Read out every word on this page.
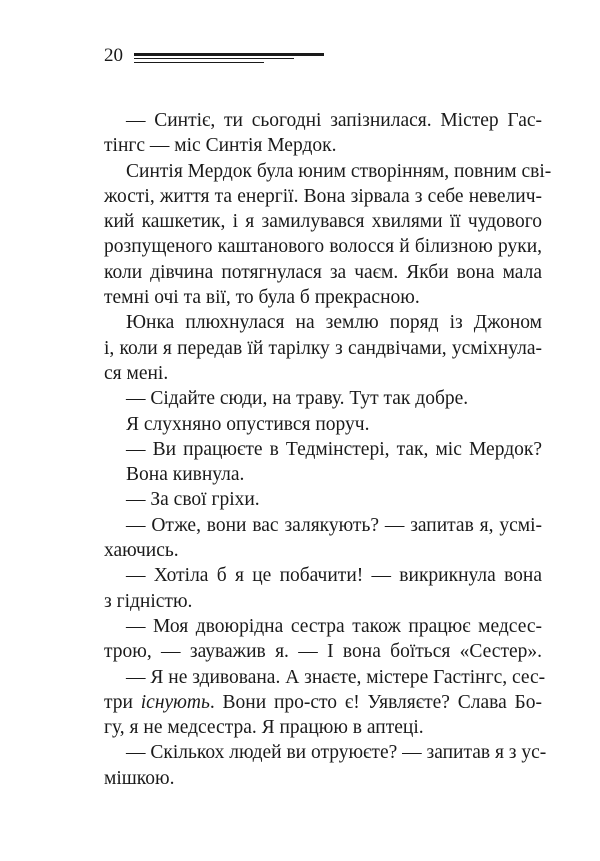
20
— Синтіє, ти сьогодні запізнилася. Містер Гас-
тінгс — міс Синтія Мердок.
Синтія Мердок була юним створінням, повним сві-
жості, життя та енергії. Вона зірвала з себе невелич-
кий кашкетик, і я замилувався хвилями її чудового
розпущеного каштанового волосся й білизною руки,
коли дівчина потягнулася за чаєм. Якби вона мала
темні очі та вії, то була б прекрасною.
Юнка плюхнулася на землю поряд із Джоном
і, коли я передав їй тарілку з сандвічами, усміхнула-
ся мені.
— Сідайте сюди, на траву. Тут так добре.
Я слухняно опустився поруч.
— Ви працюєте в Тедмінстері, так, міс Мердок?
Вона кивнула.
— За свої гріхи.
— Отже, вони вас залякують? — запитав я, усмі-
хаючись.
— Хотіла б я це побачити! — викрикнула вона
з гідністю.
— Моя двоюрідна сестра також працює медсес-
трою, — зауважив я. — І вона боїться «Сестер».
— Я не здивована. А знаєте, містере Гастінгс, сес-
три існують. Вони про-сто є! Уявляєте? Слава Бо-
гу, я не медсестра. Я працюю в аптеці.
— Скількох людей ви отруюєте? — запитав я з ус-
мішкою.
